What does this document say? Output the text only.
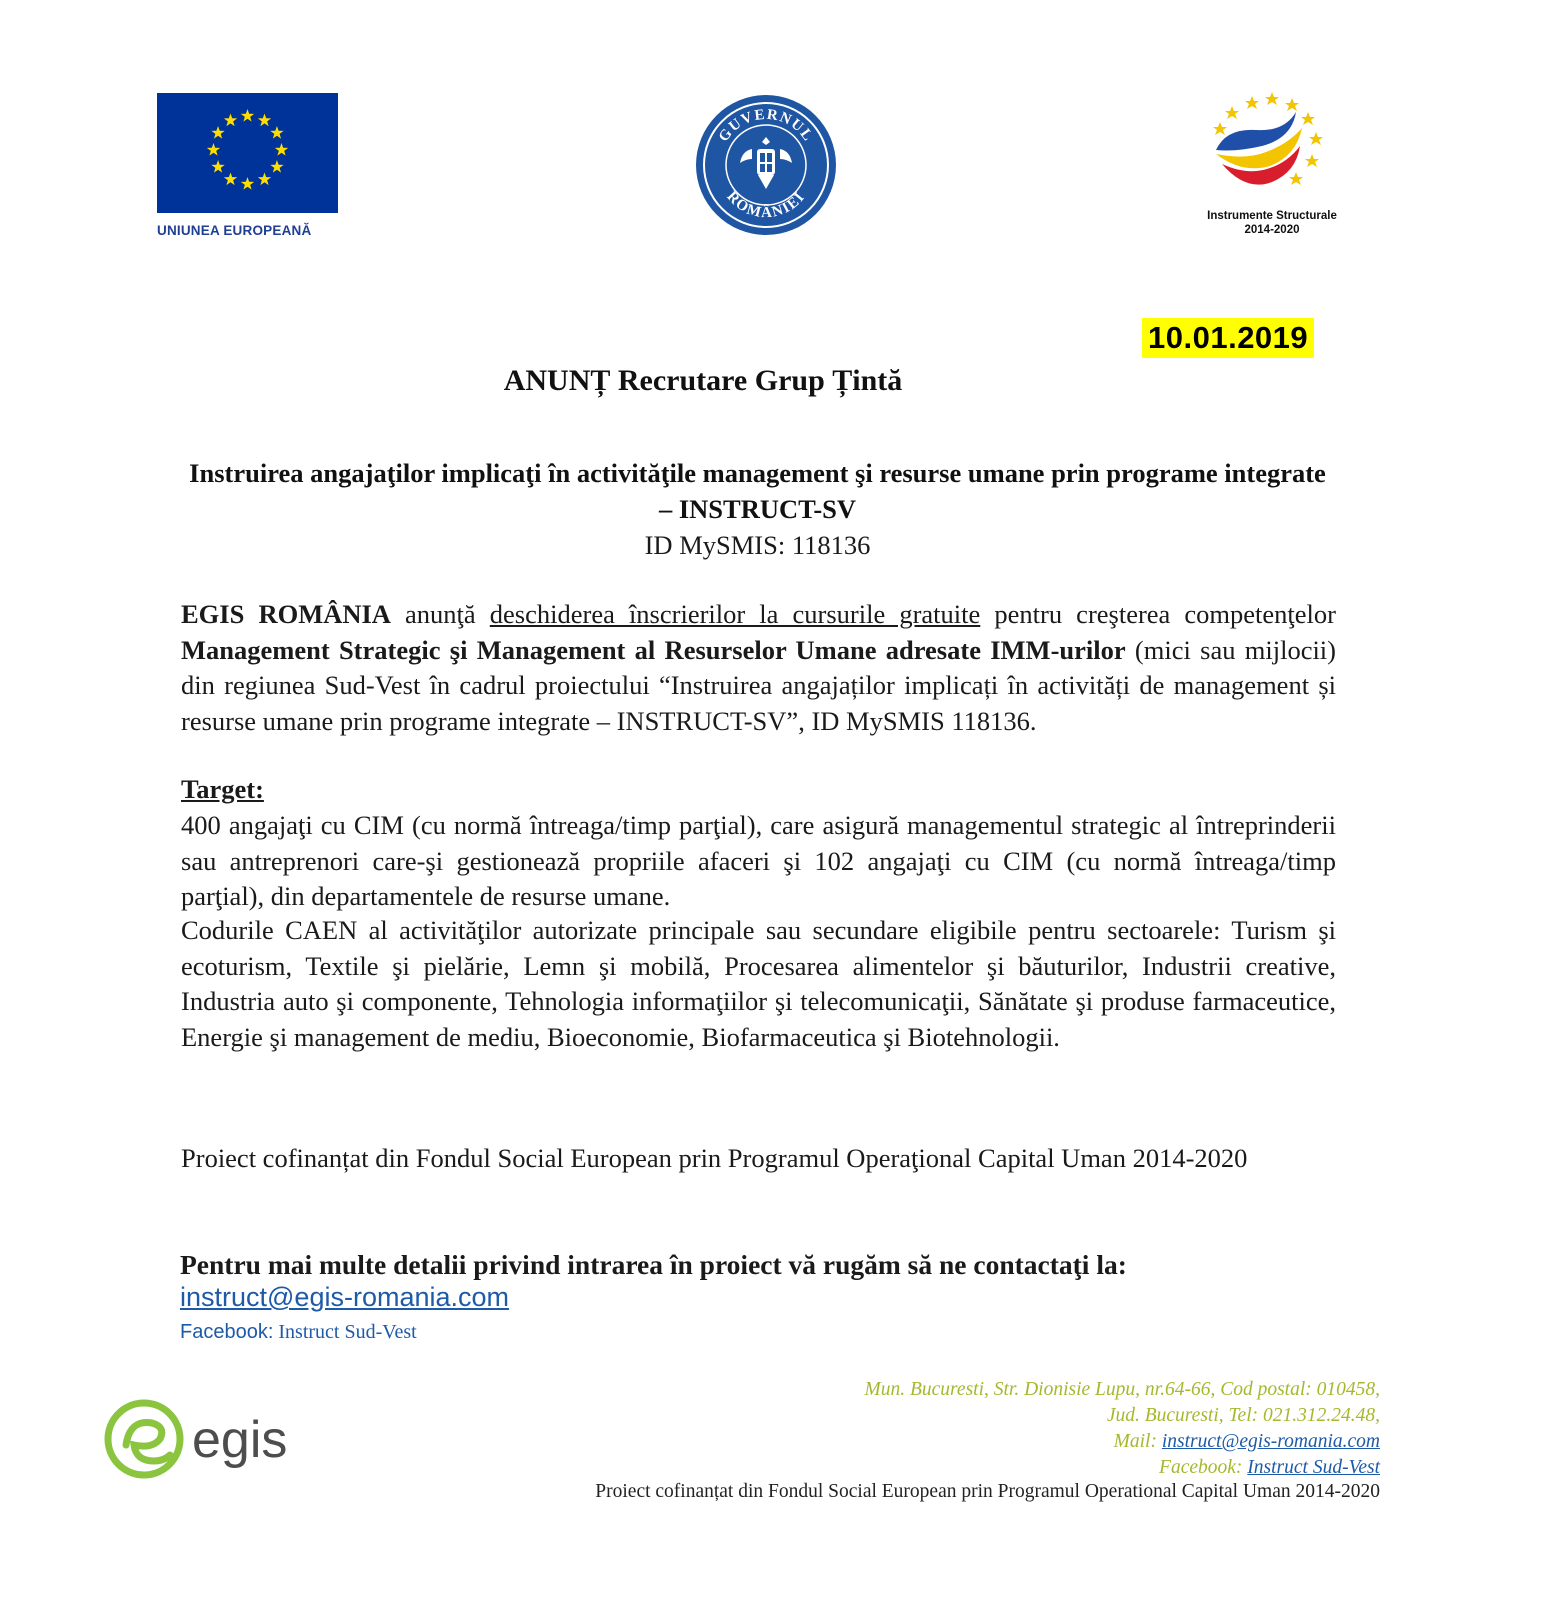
UNIUNEA EUROPEANĂ
GUVERNUL
ROMÂNIEI
Instrumente Structurale
2014-2020
10.01.2019
ANUNȚ Recrutare Grup Țintă
Instruirea angajaţilor implicaţi în activităţile management şi resurse umane prin programe integrate – INSTRUCT-SV
ID MySMIS: 118136
EGIS ROMÂNIA anunţă deschiderea înscrierilor la cursurile gratuite pentru creşterea competenţelor Management Strategic şi Management al Resurselor Umane adresate IMM-urilor (mici sau mijlocii) din regiunea Sud-Vest în cadrul proiectului “Instruirea angajaților implicați în activități de management și resurse umane prin programe integrate – INSTRUCT-SV”, ID MySMIS 118136.
Target:
400 angajaţi cu CIM (cu normă întreaga/timp parţial), care asigură managementul strategic al întreprinderii sau antreprenori care-şi gestionează propriile afaceri şi 102 angajaţi cu CIM (cu normă întreaga/timp parţial), din departamentele de resurse umane.
Codurile CAEN al activităţilor autorizate principale sau secundare eligibile pentru sectoarele: Turism şi ecoturism, Textile şi pielărie, Lemn şi mobilă, Procesarea alimentelor şi băuturilor, Industrii creative, Industria auto şi componente, Tehnologia informaţiilor şi telecomunicaţii, Sănătate şi produse farmaceutice, Energie şi management de mediu, Bioeconomie, Biofarmaceutica şi Biotehnologii.
Proiect cofinanțat din Fondul Social European prin Programul Operaţional Capital Uman 2014-2020
Pentru mai multe detalii privind intrarea în proiect vă rugăm să ne contactaţi la:
instruct@egis-romania.com
Facebook: Instruct Sud-Vest
egis
Mun. Bucuresti, Str. Dionisie Lupu, nr.64-66, Cod postal: 010458,
Jud. Bucuresti, Tel: 021.312.24.48,
Mail: instruct@egis-romania.com
Facebook: Instruct Sud-Vest
Proiect cofinanțat din Fondul Social European prin Programul Operational Capital Uman 2014-2020
